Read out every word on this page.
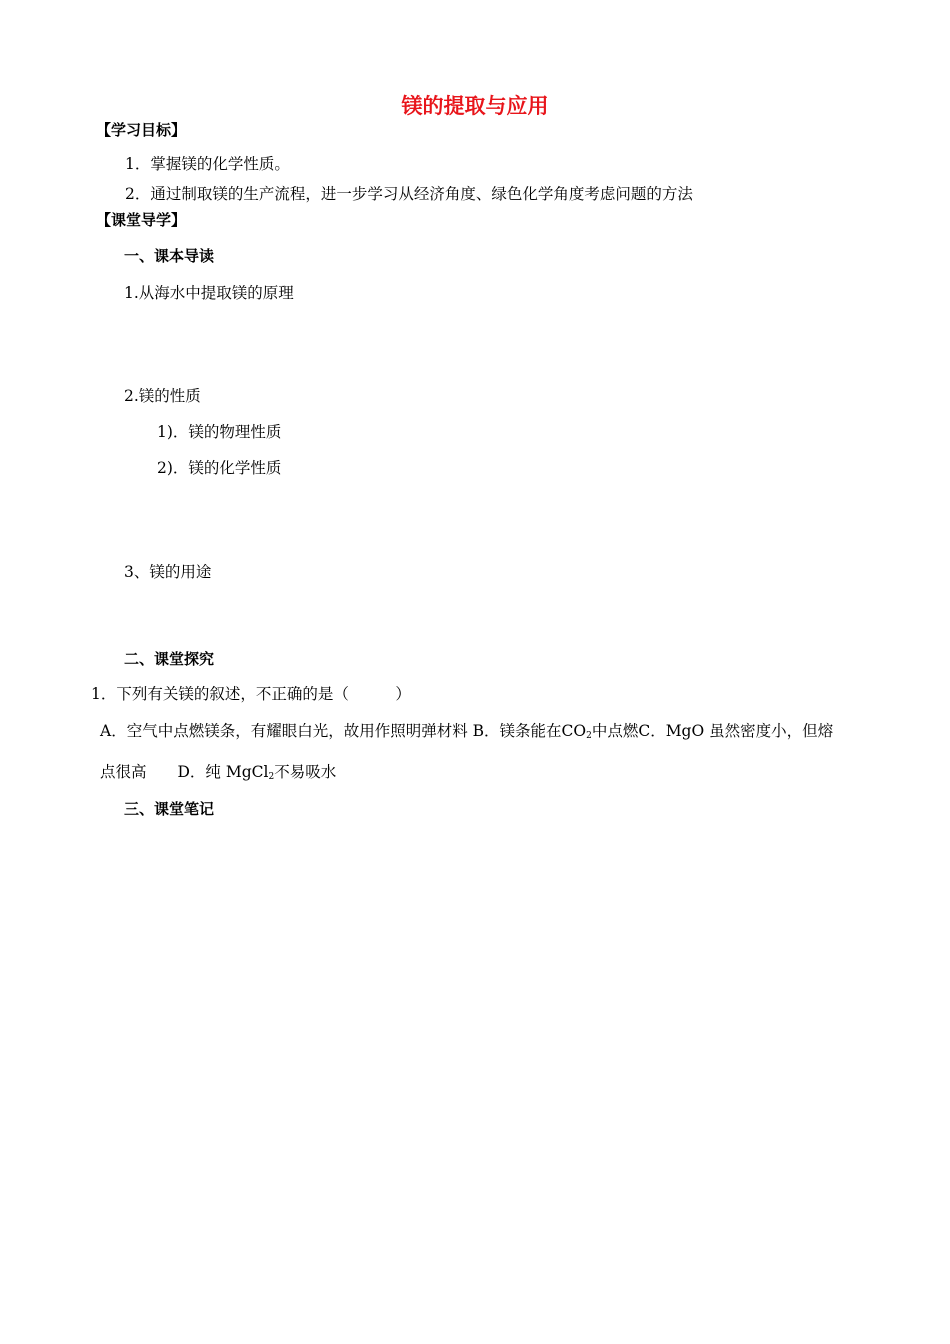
镁的提取与应用
【学习目标】
1．掌握镁的化学性质。
2．通过制取镁的生产流程，进一步学习从经济角度、绿色化学角度考虑问题的方法
【课堂导学】
一、课本导读
1.从海水中提取镁的原理
2.镁的性质
1)．镁的物理性质
2)．镁的化学性质
3、镁的用途
二、课堂探究
1．下列有关镁的叙述，不正确的是（　　　）
A．空气中点燃镁条，有耀眼白光，故用作照明弹材料 B．镁条能在$CO_2$中点燃C．MgO 虽然密度小，但熔
点很高　　D．纯 MgCl$_2$不易吸水
三、课堂笔记
